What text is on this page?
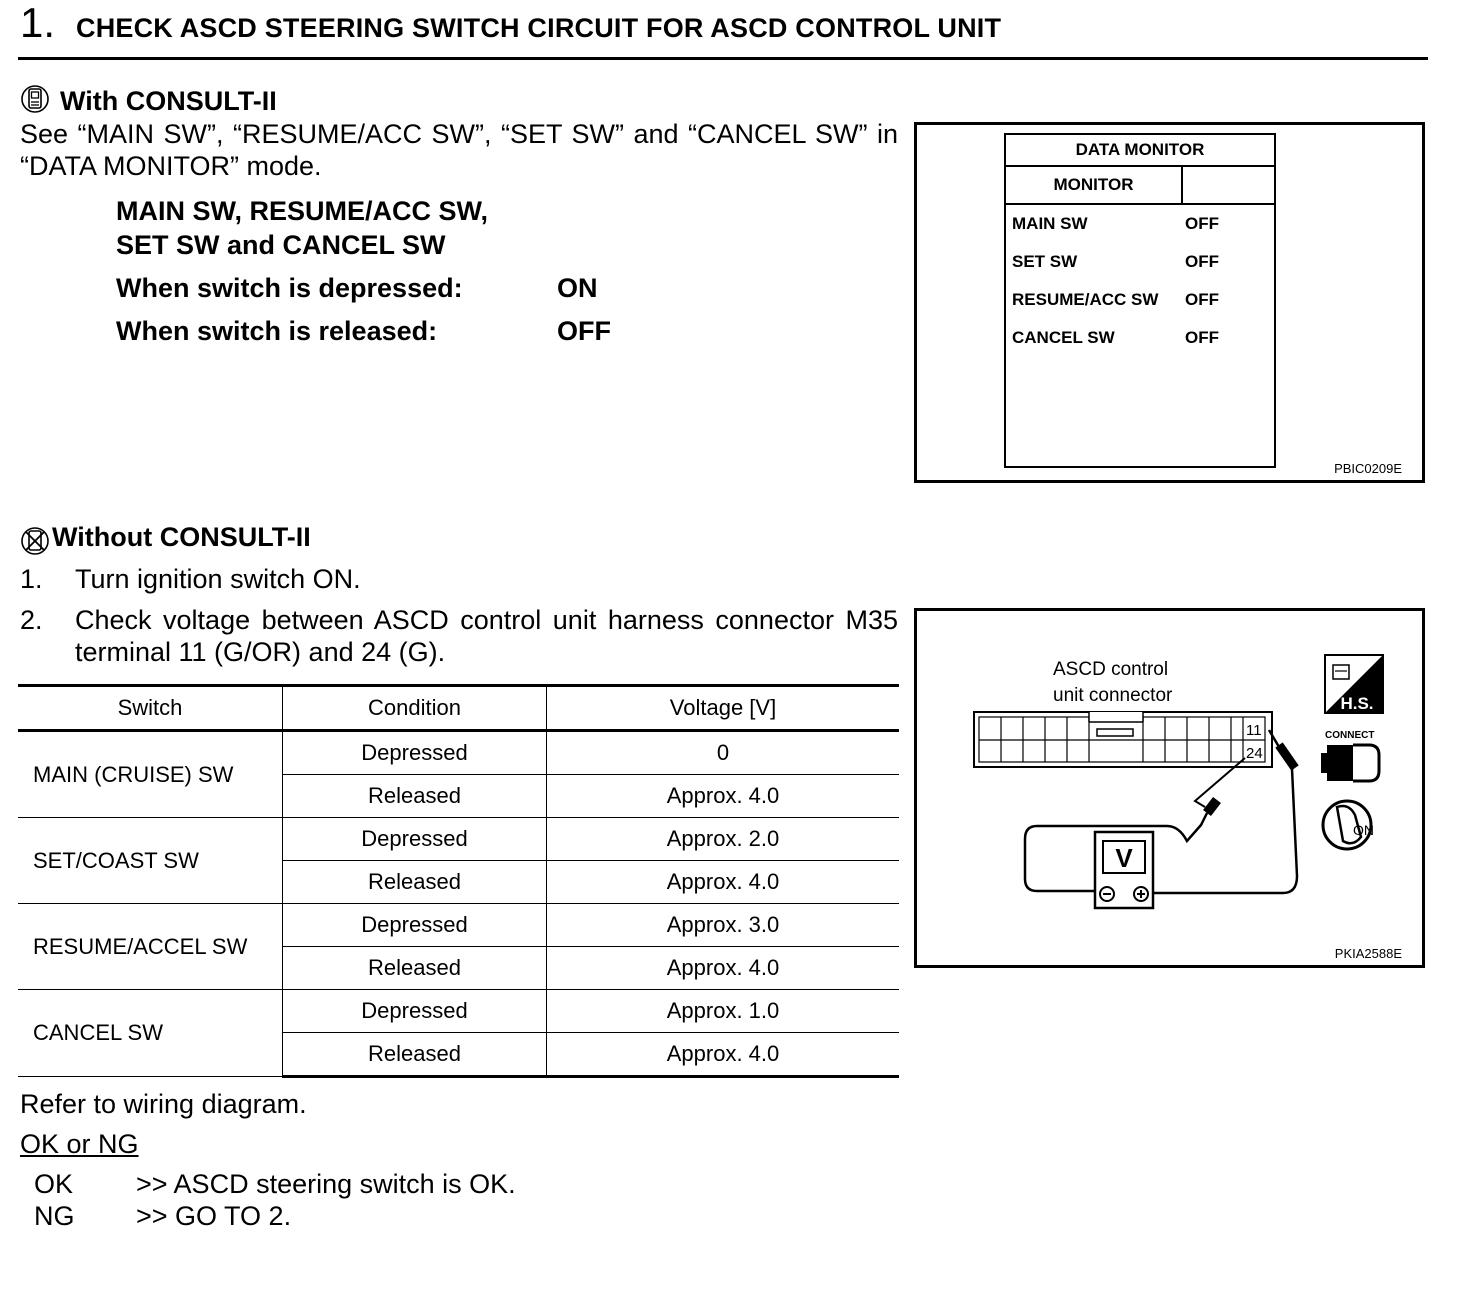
1. CHECK ASCD STEERING SWITCH CIRCUIT FOR ASCD CONTROL UNIT
With CONSULT-II
See “MAIN SW”, “RESUME/ACC SW”, “SET SW” and “CANCEL SW” in “DATA MONITOR” mode.
MAIN SW, RESUME/ACC SW,
SET SW and CANCEL SW
When switch is depressed:	ON
When switch is released:	OFF
DATA MONITOR
MONITOR
MAIN SW	OFF
SET SW	OFF
RESUME/ACC SW	OFF
CANCEL SW	OFF
PBIC0209E
Without CONSULT-II
1. Turn ignition switch ON.
2. Check voltage between ASCD control unit harness connector M35 terminal 11 (G/OR) and 24 (G).
Switch	Condition	Voltage [V]
MAIN (CRUISE) SW	Depressed	0
	Released	Approx. 4.0
SET/COAST SW	Depressed	Approx. 2.0
	Released	Approx. 4.0
RESUME/ACCEL SW	Depressed	Approx. 3.0
	Released	Approx. 4.0
CANCEL SW	Depressed	Approx. 1.0
	Released	Approx. 4.0
ASCD control
unit connector
11
24
V
H.S.
CONNECT
ON
PKIA2588E
Refer to wiring diagram.
OK or NG
OK >> ASCD steering switch is OK.
NG >> GO TO 2.
